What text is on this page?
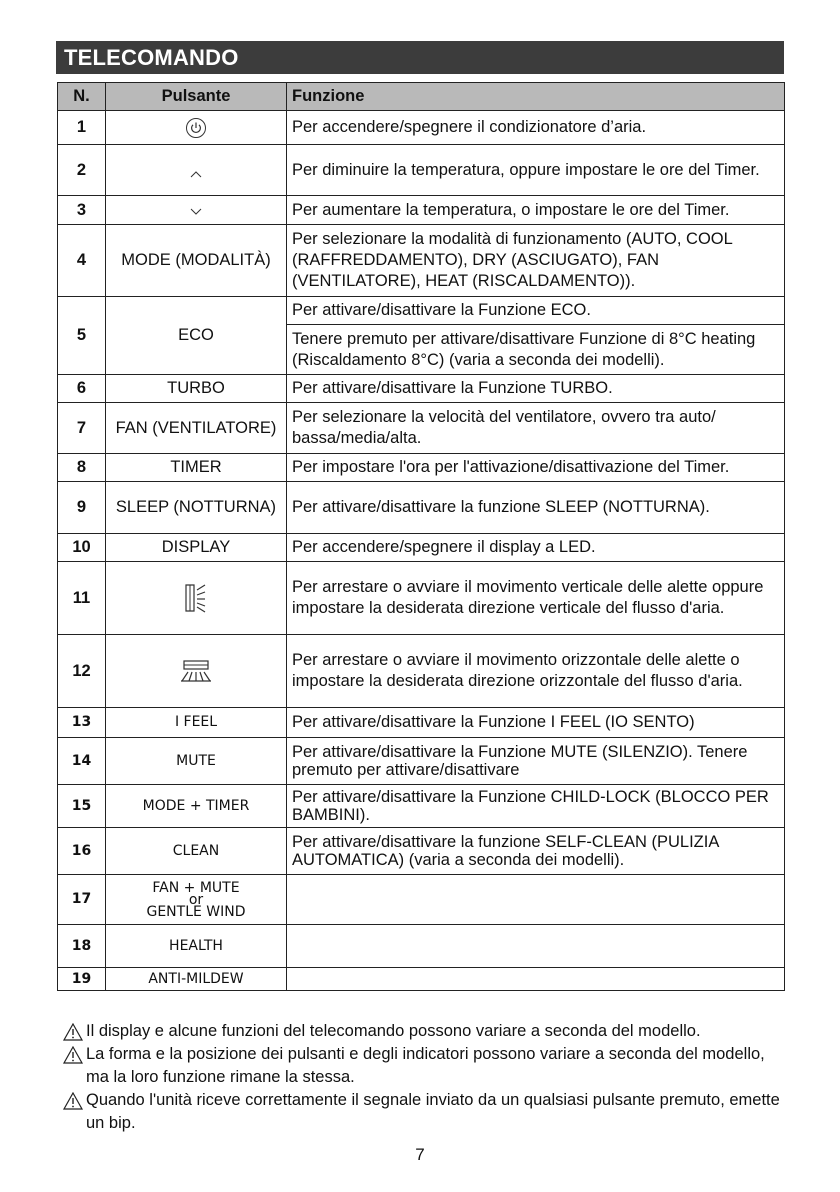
TELECOMANDO
N.	Pulsante	Funzione
1		Per accendere/spegnere il condizionatore d’aria.
2		Per diminuire la temperatura, oppure impostare le ore del Timer.
3		Per aumentare la temperatura, o impostare le ore del Timer.
4	MODE (MODALITÀ)	Per selezionare la modalità di funzionamento (AUTO, COOL (RAFFREDDAMENTO), DRY (ASCIUGATO), FAN (VENTILATORE), HEAT (RISCALDAMENTO)).
5	ECO	Per attivare/disattivare la Funzione ECO.
		Tenere premuto per attivare/disattivare Funzione di 8°C heating (Riscaldamento 8°C) (varia a seconda dei modelli).
6	TURBO	Per attivare/disattivare la Funzione TURBO.
7	FAN (VENTILATORE)	Per selezionare la velocità del ventilatore, ovvero tra auto/ bassa/media/alta.
8	TIMER	Per impostare l'ora per l'attivazione/disattivazione del Timer.
9	SLEEP (NOTTURNA)	Per attivare/disattivare la funzione SLEEP (NOTTURNA).
10	DISPLAY	Per accendere/spegnere il display a LED.
11		Per arrestare o avviare il movimento verticale delle alette oppure impostare la desiderata direzione verticale del flusso d'aria.
12		Per arrestare o avviare il movimento orizzontale delle alette o impostare la desiderata direzione orizzontale del flusso d'aria.
13	I FEEL	Per attivare/disattivare la Funzione I FEEL (IO SENTO)
14	MUTE	Per attivare/disattivare la Funzione MUTE (SILENZIO). Tenere premuto per attivare/disattivare
15	MODE + TIMER	Per attivare/disattivare la Funzione CHILD-LOCK (BLOCCO PER BAMBINI).
16	CLEAN	Per attivare/disattivare la funzione SELF-CLEAN (PULIZIA AUTOMATICA) (varia a seconda dei modelli).
17	FAN + MUTE
or
GENTLE WIND	

18	HEALTH	
19	ANTI-MILDEW	
Il display e alcune funzioni del telecomando possono variare a seconda del modello.
La forma e la posizione dei pulsanti e degli indicatori possono variare a seconda del modello, ma la loro funzione rimane la stessa.
Quando l'unità riceve correttamente il segnale inviato da un qualsiasi pulsante premuto, emette un bip.
7
